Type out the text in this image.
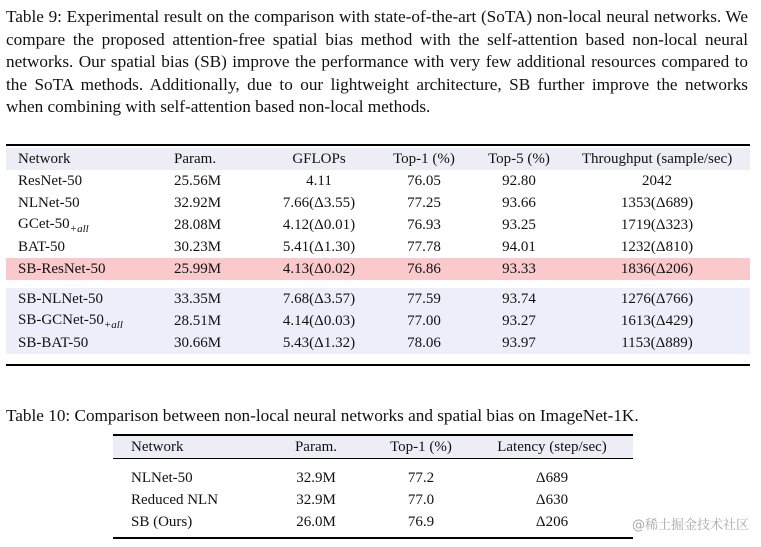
Table 9: Experimental result on the comparison with state-of-the-art (SoTA) non-local neural networks. We compare the proposed attention-free spatial bias method with the self-attention based non-local neural networks. Our spatial bias (SB) improve the performance with very few additional resources compared to the SoTA methods. Additionally, due to our lightweight architecture, SB further improve the networks when combining with self-attention based non-local methods.
Network	Param.	GFLOPs	Top-1 (%)	Top-5 (%)	Throughput (sample/sec)
ResNet-50	25.56M	4.11	76.05	92.80	2042
NLNet-50	32.92M	7.66(Δ3.55)	77.25	93.66	1353(Δ689)
GCet-$50_{+all}$	28.08M	4.12(Δ0.01)	76.93	93.25	1719(Δ323)
BAT-50	30.23M	5.41(Δ1.30)	77.78	94.01	1232(Δ810)
SB-ResNet-50	25.99M	4.13(Δ0.02)	76.86	93.33	1836(Δ206)

SB-NLNet-50	33.35M	7.68(Δ3.57)	77.59	93.74	1276(Δ766)
$SB-GCNet-50_{+all}$	28.51M	4.14(Δ0.03)	77.00	93.27	1613(Δ429)
SB-BAT-50	30.66M	5.43(Δ1.32)	78.06	93.97	1153(Δ889)
Table 10: Comparison between non-local neural networks and spatial bias on ImageNet-1K.
Network	Param.	Top-1 (%)	Latency (step/sec)

NLNet-50	32.9M	77.2	Δ689
Reduced NLN	32.9M	77.0	Δ630
SB (Ours)	26.0M	76.9	Δ206	@稀土掘金技术社区
